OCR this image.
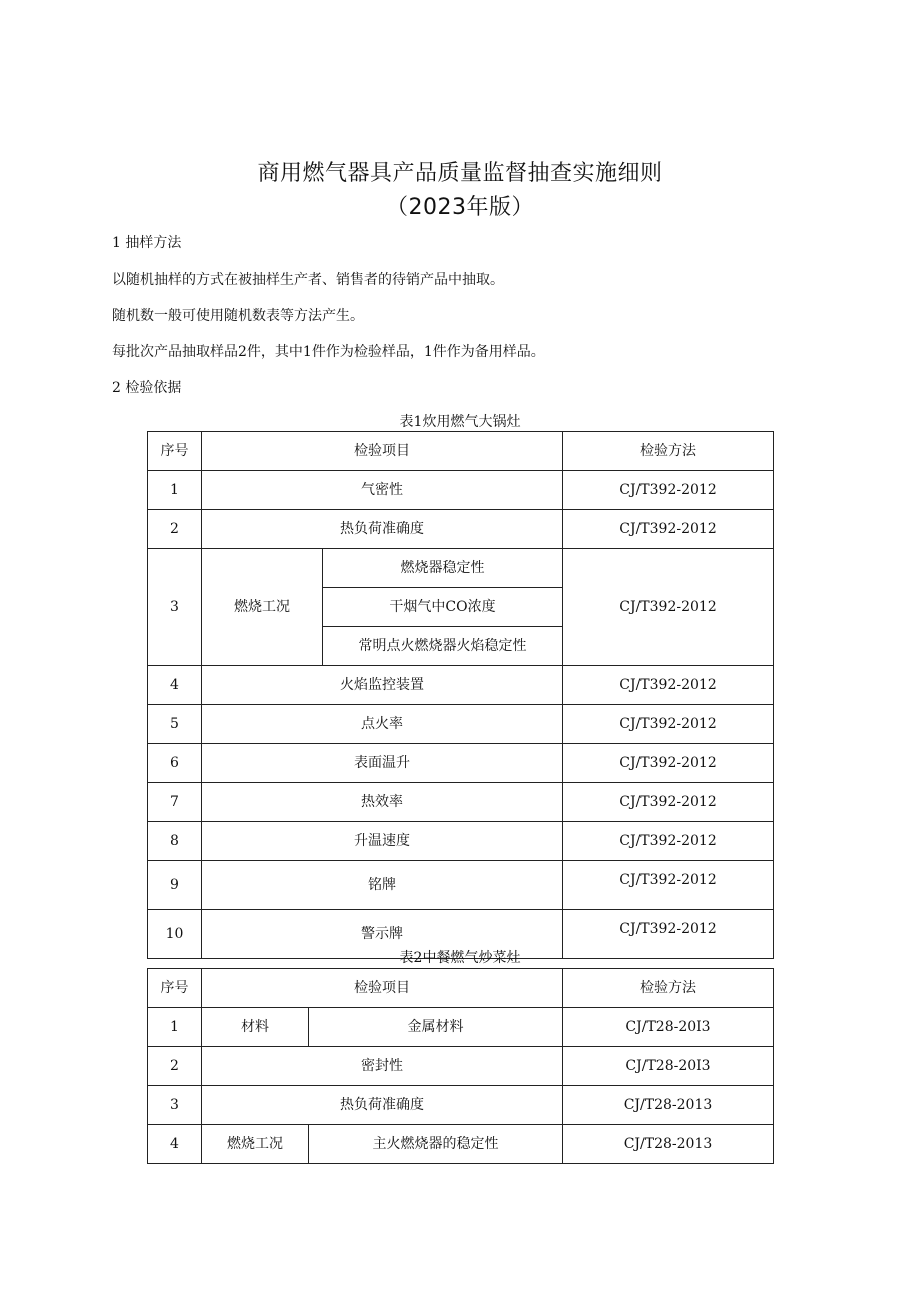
商用燃气器具产品质量监督抽查实施细则
（2023年版）
1 抽样方法
以随机抽样的方式在被抽样生产者、销售者的待销产品中抽取。
随机数一般可使用随机数表等方法产生。
每批次产品抽取样品2件，其中1件作为检验样品，1件作为备用样品。
2 检验依据
表1炊用燃气大锅灶
序号	检验项目		检验方法
1	气密性		CJ/T392-2012
2	热负荷准确度		CJ/T392-2012
3	燃烧工况	燃烧器稳定性	CJ/T392-2012
		干烟气中CO浓度	
		常明点火燃烧器火焰稳定性	
4	火焰监控装置		CJ/T392-2012
5	点火率		CJ/T392-2012
6	表面温升		CJ/T392-2012
7	热效率		CJ/T392-2012
8	升温速度		CJ/T392-2012
9	铭牌		CJ/T392-2012
10	警示牌		CJ/T392-2012
表2中餐燃气炒菜灶
序号	检验项目		检验方法
1	材料	金属材料	CJ/T28-20I3
2	密封性		CJ/T28-20I3
3	热负荷准确度		CJ/T28-2013
4	燃烧工况	主火燃烧器的稳定性	CJ/T28-2013
